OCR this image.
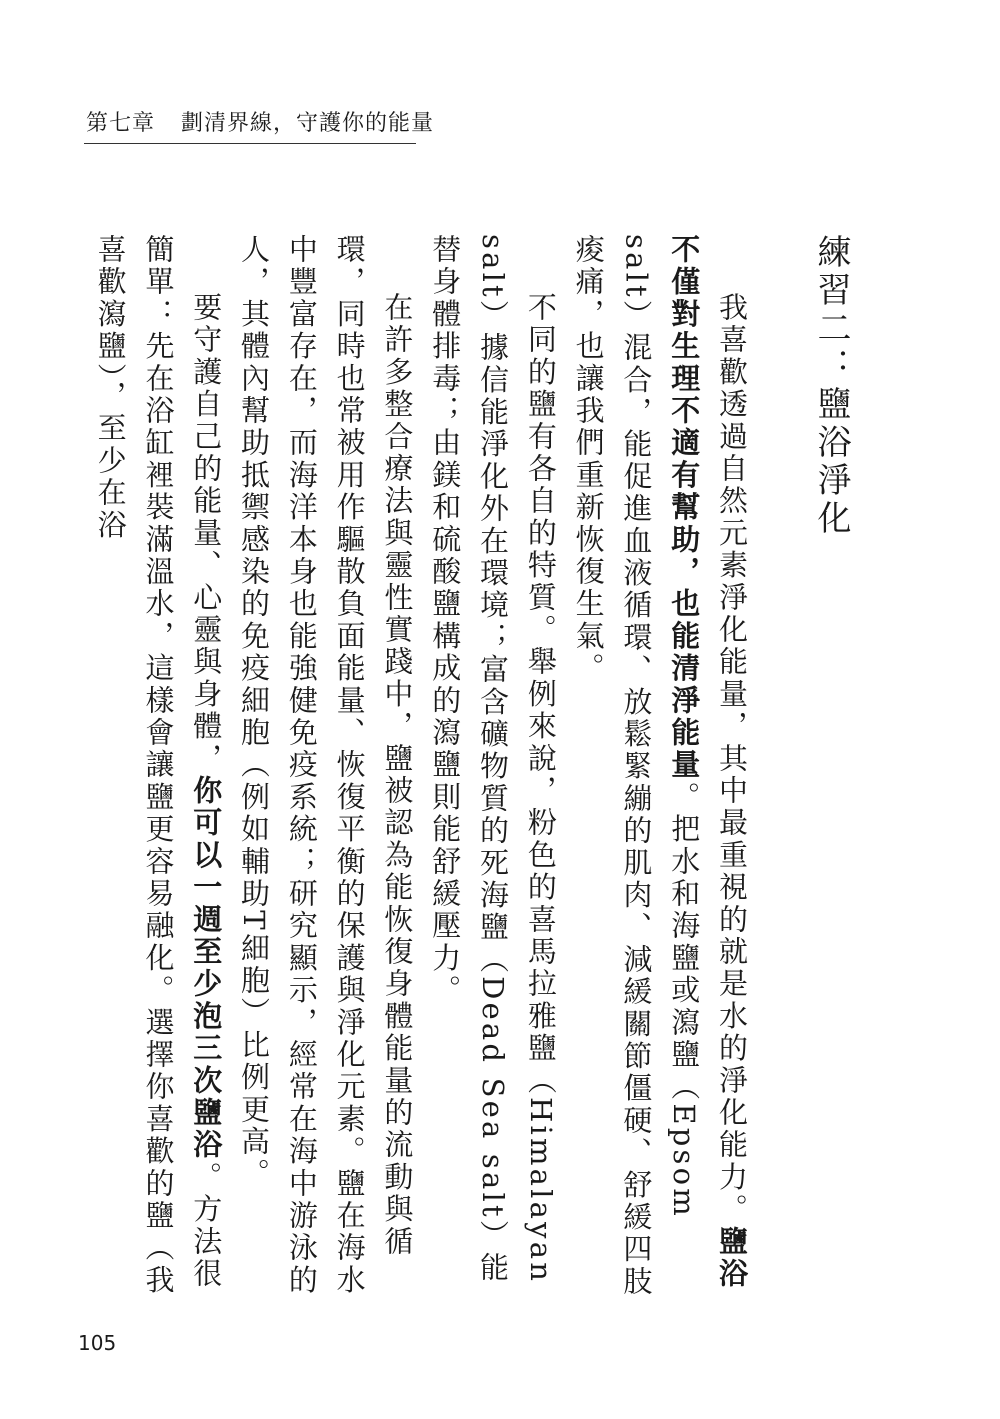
第七章 劃清界線，守護你的能量
練習二：鹽浴淨化

我喜歡透過自然元素淨化能量，其中最重視的就是水的淨化能力。鹽浴不僅對生理不適有幫助，也能清淨能量。把水和海鹽或瀉鹽（Epsom salt）混合，能促進血液循環、放鬆緊繃的肌肉、減緩關節僵硬、舒緩四肢痠痛，也讓我們重新恢復生氣。

不同的鹽有各自的特質。舉例來說，粉色的喜馬拉雅鹽（Himalayan salt）據信能淨化外在環境；富含礦物質的死海鹽（Dead Sea salt）能替身體排毒；由鎂和硫酸鹽構成的瀉鹽則能舒緩壓力。

在許多整合療法與靈性實踐中，鹽被認為能恢復身體能量的流動與循環，同時也常被用作驅散負面能量、恢復平衡的保護與淨化元素。鹽在海水中豐富存在，而海洋本身也能強健免疫系統；研究顯示，經常在海中游泳的人，其體內幫助抵禦感染的免疫細胞（例如輔助T細胞）比例更高。

要守護自己的能量、心靈與身體，你可以一週至少泡三次鹽浴。方法很簡單：先在浴缸裡裝滿溫水，這樣會讓鹽更容易融化。選擇你喜歡的鹽（我喜歡瀉鹽），至少在浴

105
